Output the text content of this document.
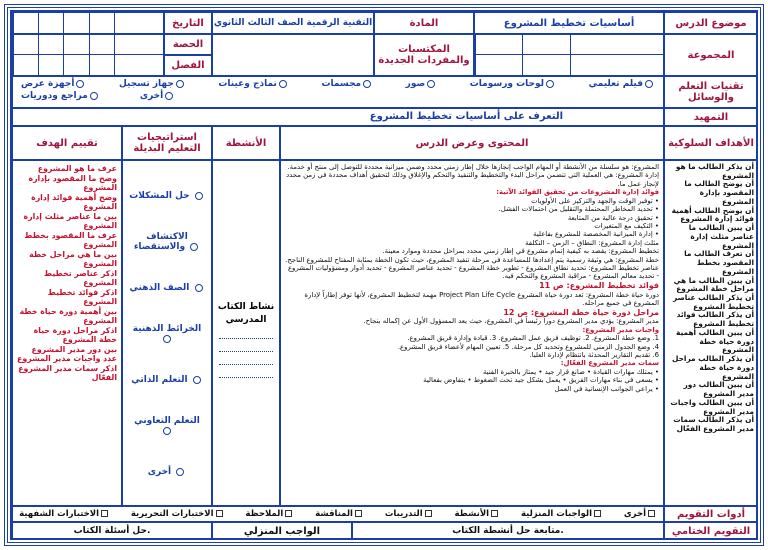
موضوع الدرس
أساسيات تخطيط المشروع
المادة
التقنية الرقمية الصف الثالث الثانوي
التاريخ
المجموعة
المكتسبات والمفردات الجديدة
الحصة
الفصل
تقنيات التعلم والوسائل
أجهزة عرض	جهاز تسجيل	نماذج وعينات	مجسمات	صور	لوحات ورسومات	فيلم تعليمي
مراجع ودوريات	أخرى
التمهيد
التعرف على أساسيات تخطيط المشروع
الأهداف السلوكية
المحتوى وعرض الدرس
الأنشطة
استراتيجيات التعليم البديلة
تقييم الهدف
أن يذكر الطالب ما هو المشروع
أن يوضح الطالب ما المقصود بإدارة المشروع
أن يوضح الطالب أهمية فوائد إدارة المشروع
أن يبين الطالب ما عناصر مثلث إدارة المشروع
أن تعرف الطالب ما المقصود بخطط المشروع
أن يبين الطالب ما هي مراحل خطة المشروع
أن يذكر الطالب عناصر تخطيط المشروع
أن يذكر الطالب فوائد تخطيط المشروع
أن يبين الطالب أهمية دورة حياة خطة المشروع
أن يذكر الطالب مراحل دورة حياة خطة المشروع
أن يبين الطالب دور مدير المشروع
أن يبين الطالب واجبات مدير المشروع
أن يذكر الطالب سمات مدير المشروع الفعّال
المشروع: هو سلسلة من الأنشطة أو المهام الواجب إنجازها خلال إطار زمني محدد وضمن ميزانية محددة للتوصل إلى منتج أو خدمة.
إدارة المشروع: هي العملية التي تتضمن مراحل البدء والتخطيط والتنفيذ والتحكم والإغلاق وذلك لتحقيق أهداف محددة في زمن محدد لإنجاز عمل ما.
فوائد إدارة المشروعات من تحقيق الفوائد الآتية:
• توفير الوقت والجهد والتركيز على الأولويات
• تحديد المخاطر المحتملة والتقليل من احتمالات الفشل.
• تحقيق درجة عالية من المتابعة
• التكيف مع المتغيرات
• إدارة الميزانية المخصصة للمشروع بفاعلية
مثلث إدارة المشروع: النطاق – الزمن – التكلفة
تخطيط المشروع: يقصد به كيفية إتمام مشروع في إطار زمني محدد بمراحل محددة وموارد معينة.
خطة المشروع: هي وثيقة رسمية يتم إعدادها للمساعدة في مرحلة تنفيذ المشروع، حيث تكون الخطة بمثابة المفتاح للمشروع الناجح.
عناصر تخطيط المشروع: تحديد نطاق المشروع - تطوير خطة المشروع - تحديد عناصر المشروع - تحديد أدوار ومسؤوليات المشروع - تحديد معالم المشروع - مراقبة المشروع والتحكم فيه.
فوائد تخطيط المشروع: ص 11
دورة حياة خطة المشروع: تعد دورة حياة المشروع Project Plan Life Cycle مهمة لتخطيط المشروع، لأنها توفر إطاراً لإدارة المشروع في جميع مراحله.
مراحل دورة حياة خطة المشروع: ص 12
مدير المشروع: يؤدي مدير المشروع دوراً رئيساً في المشروع، حيث يعد المسؤول الأول عن إكماله بنجاح.
واجبات مدير المشروع:
1. وضع خطة المشروع. 2. توظيف فريق عمل المشروع. 3. قيادة وإدارة فريق المشروع.
4. وضع الجدول الزمني للمشروع وتحديد كل مرحلة. 5. تعيين المهام لأعضاء فريق المشروع.
6. تقديم التقارير المحدثة بانتظام لإدارة العليا.
سمات مدير المشروع الفعّال:
• يمتلك مهارات القيادة • صانع قرار جيد • يمتاز بالخبرة الفنية
• يسعى في بناء مهارات الفريق • يعمل بشكل جيد تحت الضغوط • يتفاوض بفعالية
• يراعي الجوانب الإنسانية في العمل
نشاط الكتاب المدرسي
حل المشكلات
الاكتشاف والاستقصاء
الصف الذهني
الخرائط الذهنية
التعلم الذاتي
التعلم التعاوني
أخرى
عرف ما هو المشروع
وضح ما المقصود بإدارة المشروع
وضح أهمية فوائد إدارة المشروع
بين ما عناصر مثلث إدارة المشروع
عرف ما المقصود بخطط المشروع
بين ما هي مراحل خطة المشروع
اذكر عناصر تخطيط المشروع
اذكر فوائد تخطيط المشروع
بين أهمية دورة حياة خطة المشروع
اذكر مراحل دورة حياة خطة المشروع
بين دور مدير المشروع
عدد واجبات مدير المشروع
اذكر سمات مدير المشروع الفعّال
أدوات التقويم
الاختبارات الشفهية	الاختبارات التحريرية	الملاحظة	المناقشة	التدريبات	الأنشطة	الواجبات المنزلية	أخرى
التقويم الختامي
متابعة حل أنشطة الكتاب.
الواجب المنزلي
حل أسئلة الكتاب.
